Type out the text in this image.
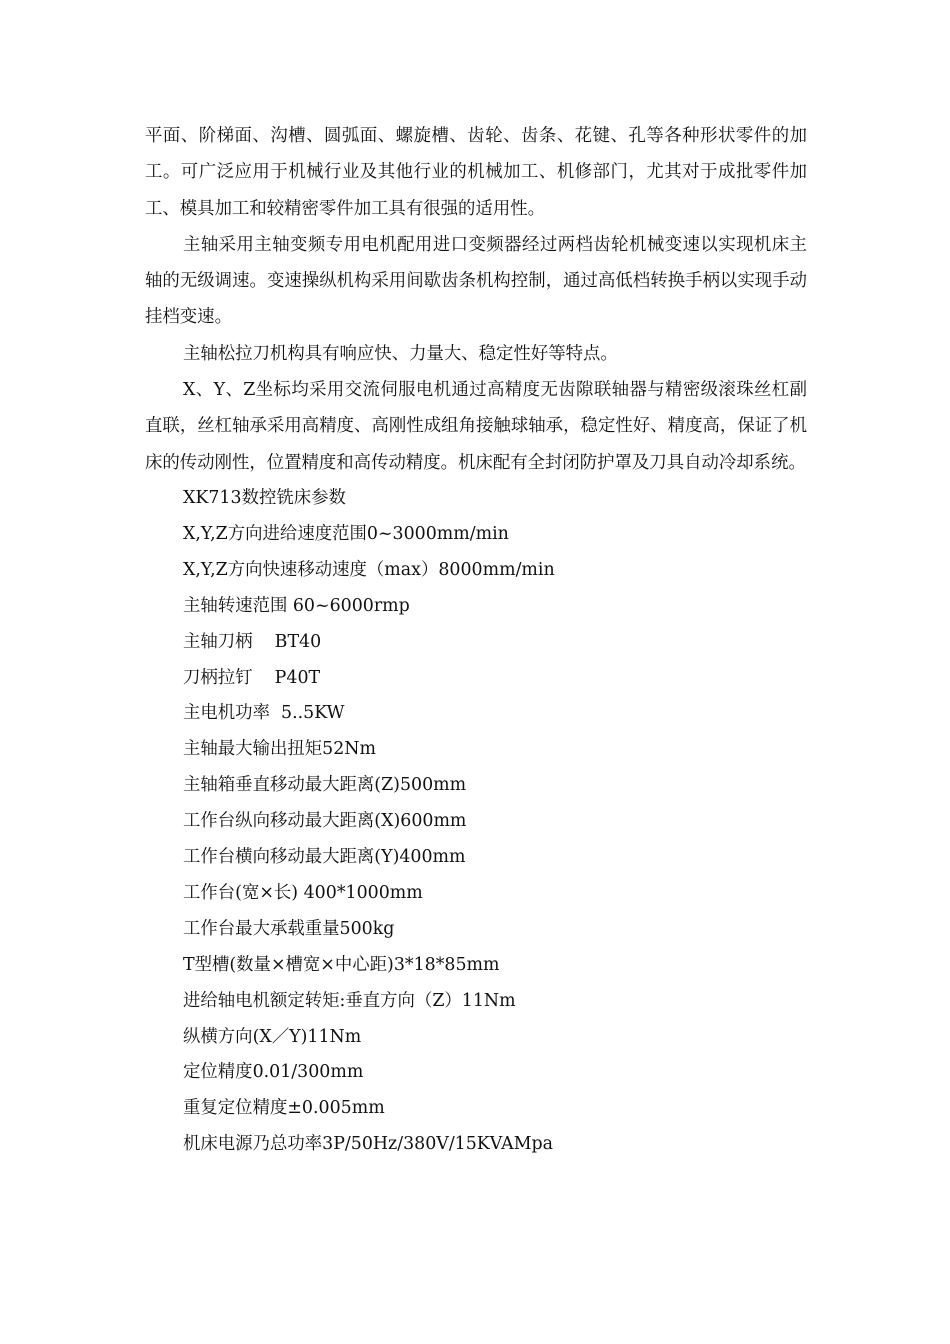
平面、阶梯面、沟槽、圆弧面、螺旋槽、齿轮、齿条、花键、孔等各种形状零件的加工。可广泛应用于机械行业及其他行业的机械加工、机修部门，尤其对于成批零件加工、模具加工和较精密零件加工具有很强的适用性。

主轴采用主轴变频专用电机配用进口变频器经过两档齿轮机械变速以实现机床主轴的无级调速。变速操纵机构采用间歇齿条机构控制，通过高低档转换手柄以实现手动挂档变速。

主轴松拉刀机构具有响应快、力量大、稳定性好等特点。

X、Y、Z坐标均采用交流伺服电机通过高精度无齿隙联轴器与精密级滚珠丝杠副直联，丝杠轴承采用高精度、高刚性成组角接触球轴承，稳定性好、精度高，保证了机床的传动刚性，位置精度和高传动精度。机床配有全封闭防护罩及刀具自动冷却系统。

XK713数控铣床参数

X,Y,Z方向进给速度范围0~3000mm/min

X,Y,Z方向快速移动速度（max）8000mm/min

主轴转速范围 60~6000rmp

主轴刀柄    BT40

刀柄拉钉    P40T

主电机功率  5..5KW

主轴最大输出扭矩52Nm

主轴箱垂直移动最大距离(Z)500mm

工作台纵向移动最大距离(X)600mm

工作台横向移动最大距离(Y)400mm

工作台(宽×长) 400*1000mm

工作台最大承载重量500kg

T型槽(数量×槽宽×中心距)3*18*85mm

进给轴电机额定转矩:垂直方向（Z）11Nm

纵横方向(X／Y)11Nm

定位精度0.01/300mm

重复定位精度±0.005mm

机床电源乃总功率3P/50Hz/380V/15KVAMpa
